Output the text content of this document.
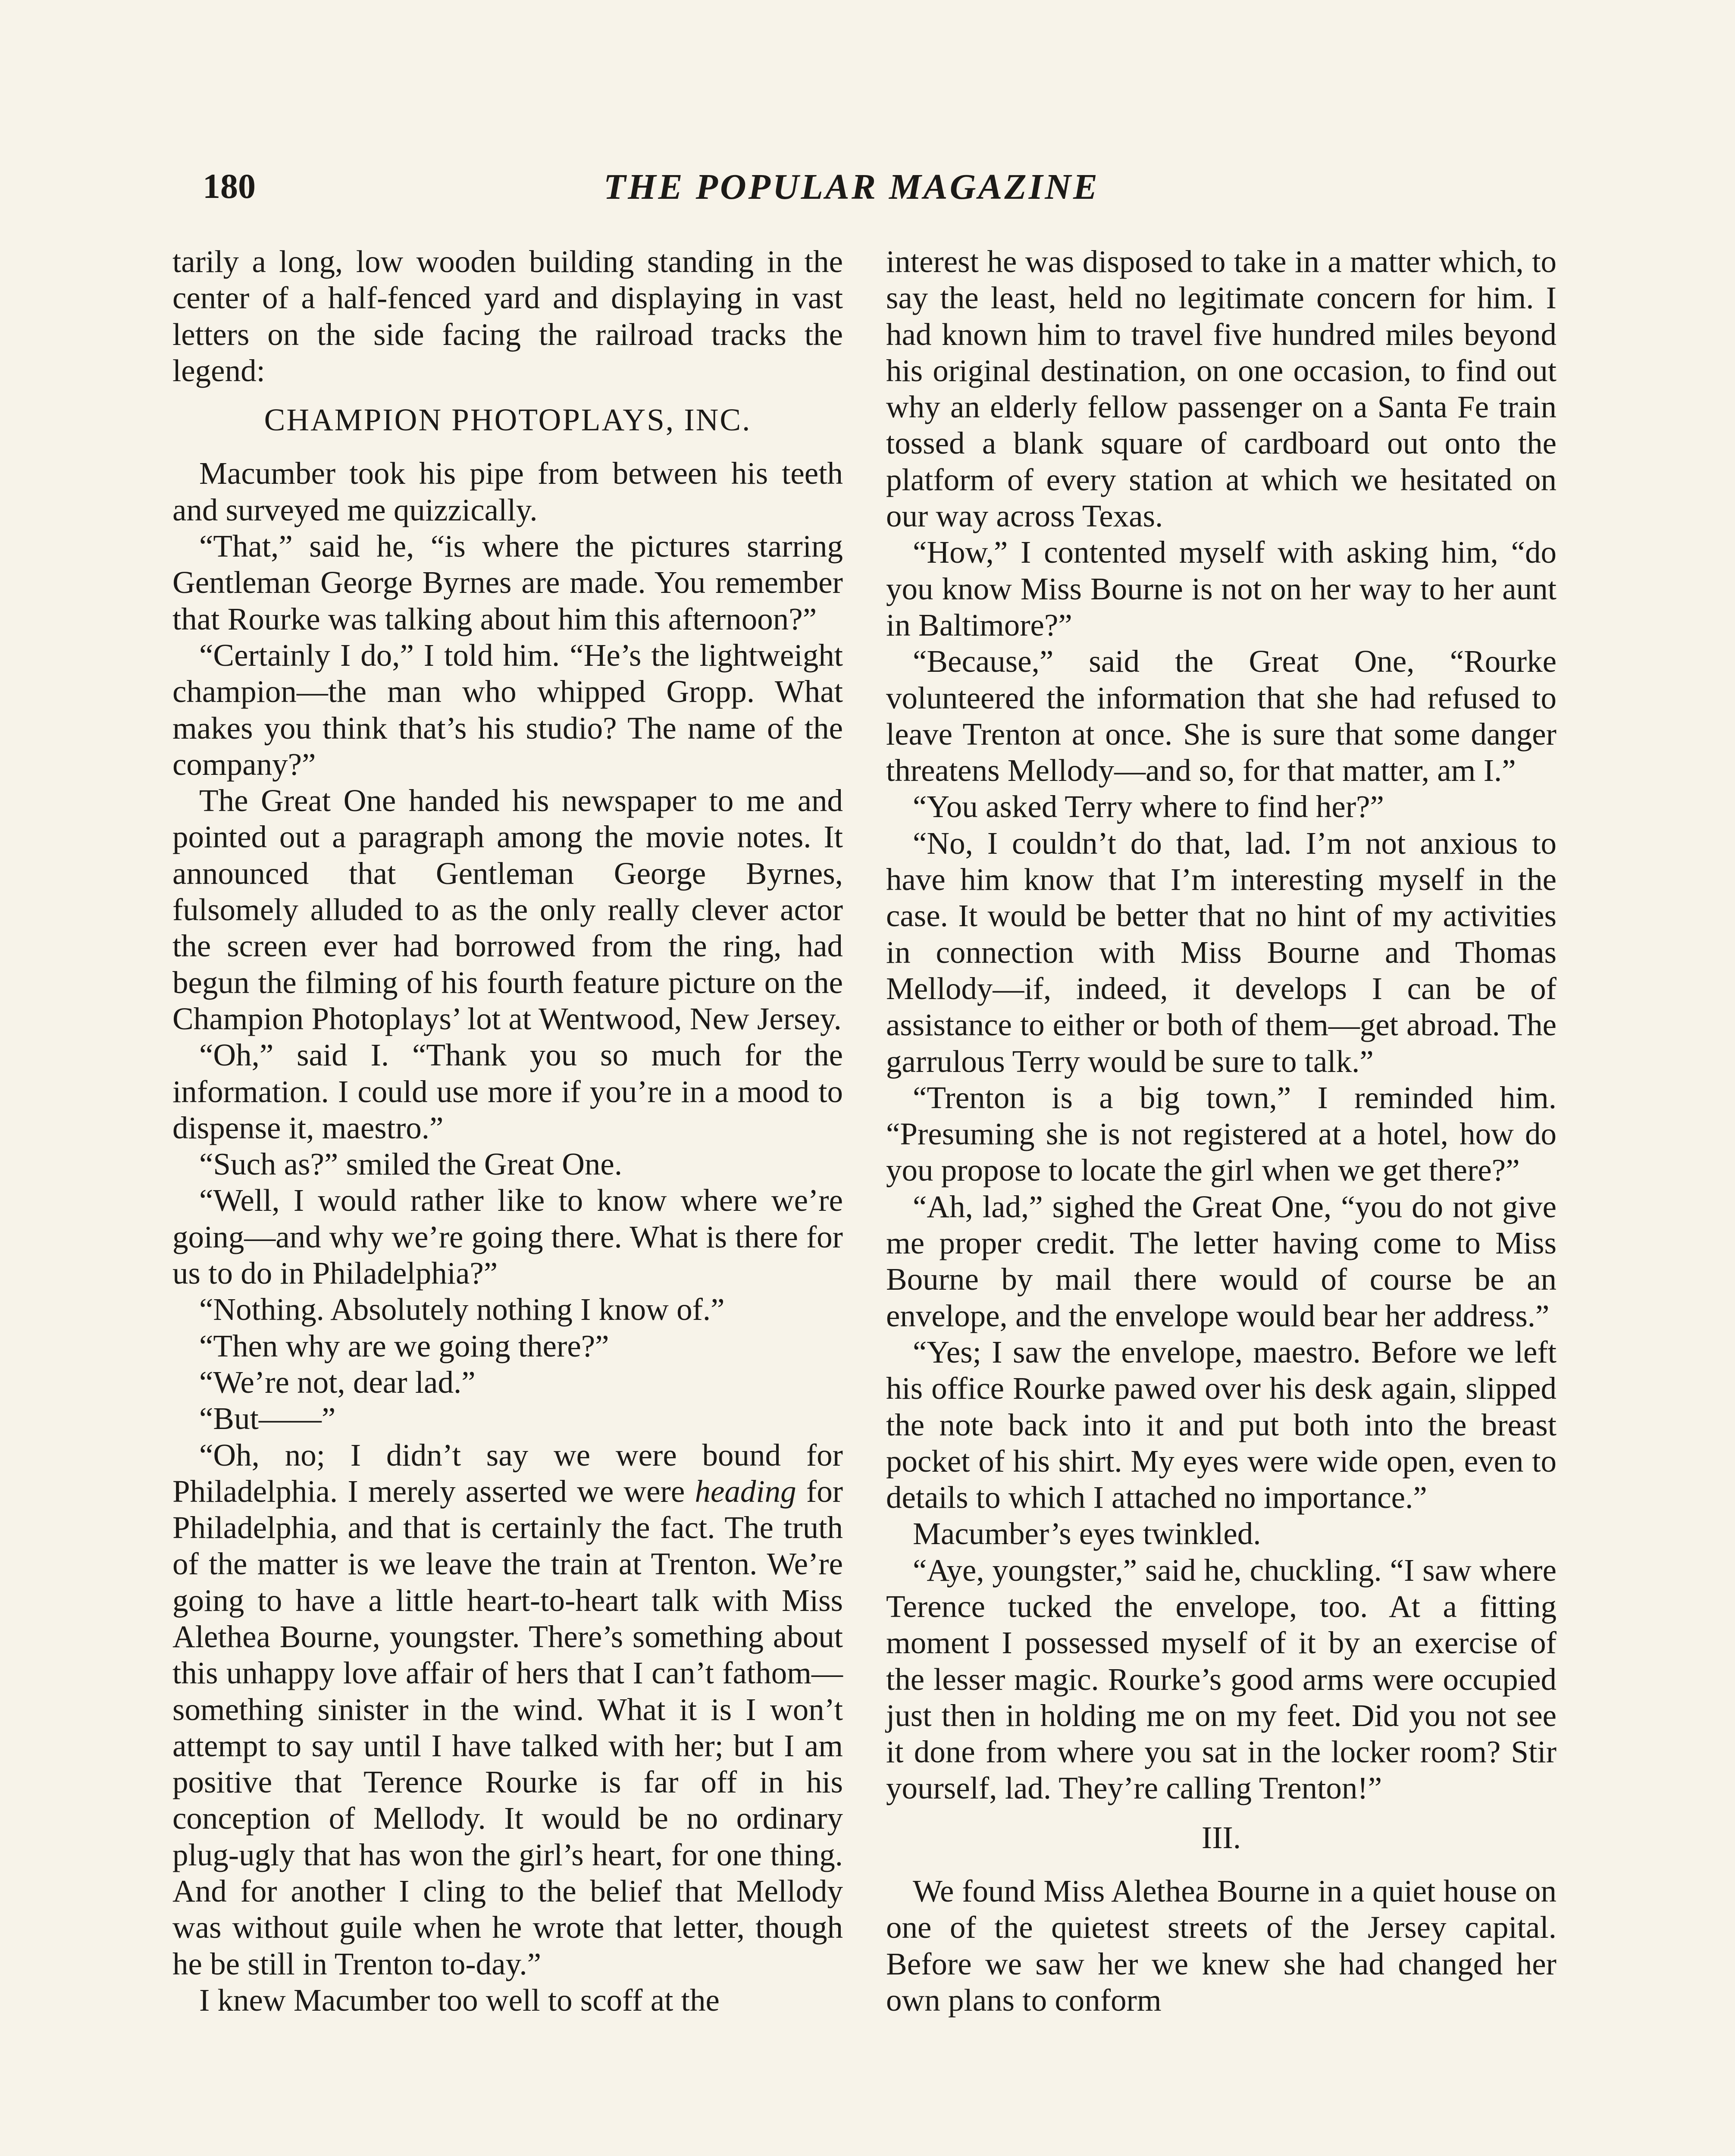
180	THE POPULAR MAGAZINE

tarily a long, low wooden building standing in the center of a half-fenced yard and displaying in vast letters on the side facing the railroad tracks the legend:

CHAMPION PHOTOPLAYS, INC.

Macumber took his pipe from between his teeth and surveyed me quizzically.

“That,” said he, “is where the pictures starring Gentleman George Byrnes are made. You remember that Rourke was talking about him this afternoon?”

“Certainly I do,” I told him. “He’s the lightweight champion—the man who whipped Gropp. What makes you think that’s his studio? The name of the company?”

The Great One handed his newspaper to me and pointed out a paragraph among the movie notes. It announced that Gentleman George Byrnes, fulsomely alluded to as the only really clever actor the screen ever had borrowed from the ring, had begun the filming of his fourth feature picture on the Champion Photoplays’ lot at Wentwood, New Jersey.

“Oh,” said I. “Thank you so much for the information. I could use more if you’re in a mood to dispense it, maestro.”

“Such as?” smiled the Great One.

“Well, I would rather like to know where we’re going—and why we’re going there. What is there for us to do in Philadelphia?”

“Nothing. Absolutely nothing I know of.”

“Then why are we going there?”

“We’re not, dear lad.”

“But——”

“Oh, no; I didn’t say we were bound for Philadelphia. I merely asserted we were heading for Philadelphia, and that is certainly the fact. The truth of the matter is we leave the train at Trenton. We’re going to have a little heart-to-heart talk with Miss Alethea Bourne, youngster. There’s something about this unhappy love affair of hers that I can’t fathom—something sinister in the wind. What it is I won’t attempt to say until I have talked with her; but I am positive that Terence Rourke is far off in his conception of Mellody. It would be no ordinary plug-ugly that has won the girl’s heart, for one thing. And for another I cling to the belief that Mellody was without guile when he wrote that letter, though he be still in Trenton to-day.”

I knew Macumber too well to scoff at the

interest he was disposed to take in a matter which, to say the least, held no legitimate concern for him. I had known him to travel five hundred miles beyond his original destination, on one occasion, to find out why an elderly fellow passenger on a Santa Fe train tossed a blank square of cardboard out onto the platform of every station at which we hesitated on our way across Texas.

“How,” I contented myself with asking him, “do you know Miss Bourne is not on her way to her aunt in Baltimore?”

“Because,” said the Great One, “Rourke volunteered the information that she had refused to leave Trenton at once. She is sure that some danger threatens Mellody—and so, for that matter, am I.”

“You asked Terry where to find her?”

“No, I couldn’t do that, lad. I’m not anxious to have him know that I’m interesting myself in the case. It would be better that no hint of my activities in connection with Miss Bourne and Thomas Mellody—if, indeed, it develops I can be of assistance to either or both of them—get abroad. The garrulous Terry would be sure to talk.”

“Trenton is a big town,” I reminded him. “Presuming she is not registered at a hotel, how do you propose to locate the girl when we get there?”

“Ah, lad,” sighed the Great One, “you do not give me proper credit. The letter having come to Miss Bourne by mail there would of course be an envelope, and the envelope would bear her address.”

“Yes; I saw the envelope, maestro. Before we left his office Rourke pawed over his desk again, slipped the note back into it and put both into the breast pocket of his shirt. My eyes were wide open, even to details to which I attached no importance.”

Macumber’s eyes twinkled.

“Aye, youngster,” said he, chuckling. “I saw where Terence tucked the envelope, too. At a fitting moment I possessed myself of it by an exercise of the lesser magic. Rourke’s good arms were occupied just then in holding me on my feet. Did you not see it done from where you sat in the locker room? Stir yourself, lad. They’re calling Trenton!”

III.

We found Miss Alethea Bourne in a quiet house on one of the quietest streets of the Jersey capital. Before we saw her we knew she had changed her own plans to conform
